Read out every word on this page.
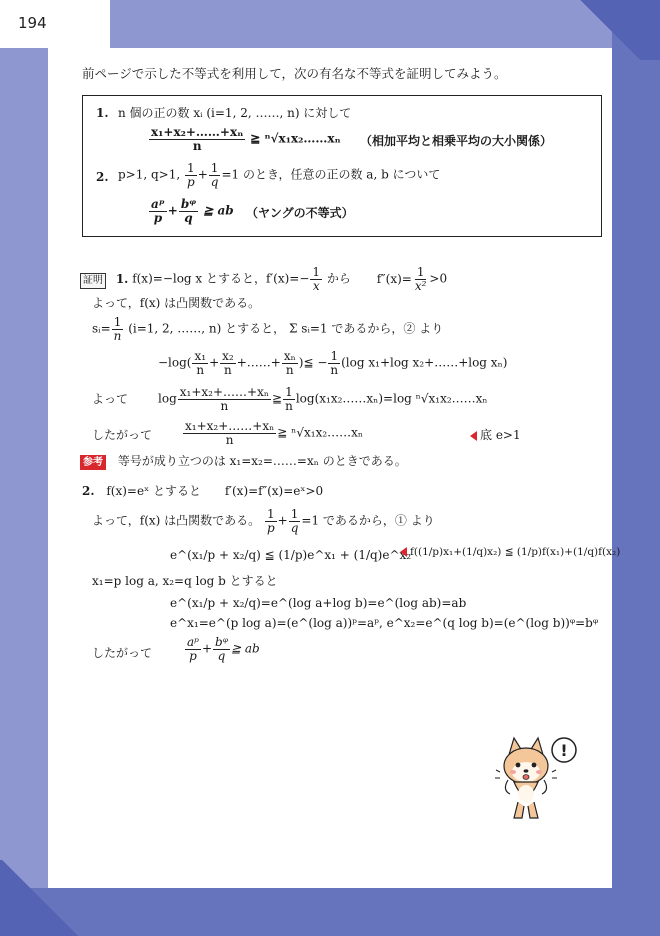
194
前ページで示した不等式を利用して，次の有名な不等式を証明してみよう。
1. n 個の正の数 xᵢ (i=1, 2, ……, n) に対して
$\frac{\text{x₁+x₂+……+xₙ}}{n}$ ≧ ⁿ√x₁x₂……xₙ （相加平均と相乗平均の大小関係）
2. p>1, q>1, $\frac{1}{p} + \frac{1}{q} =1$ のとき，任意の正の数 a, b について
$\frac{\text{aᵖ}}{p} + \frac{\text{bᵠ}}{q}$ ≧ ab （ヤングの不等式）
証明 1. f(x)=−log x とすると，$f'(x)=- \frac{1}{x}$ から $f''(x)= \frac{1}{\text{x²}} >0$
よって，f(x) は凸関数である。
sᵢ= $\frac{1}{n} (i=1$, 2, ……, n) とすると， Σ sᵢ=1 であるから，② より
$-\log( \frac{\text{x₁}}{n} + \frac{\text{x₂}}{n}$ +……+ $\frac{\text{xₙ}}{n}$ )≦ − $\frac{1}{n} (\log$ x₁+log x₂+……+log xₙ)
よって $\log \frac{\text{x₁+x₂+……+xₙ}}{n}$ ≧ $\frac{1}{n}$ log(x₁x₂……xₙ)=log ⁿ√x₁x₂……xₙ
したがって	$\frac{\text{x₁+x₂+……+xₙ}}{n}$ ≧ ⁿ√x₁x₂……xₙ	底 e>1
参考 等号が成り立つのは x₁=x₂=……=xₙ のときである。
2. f(x)=eˣ とすると f′(x)=f″(x)=eˣ>0
よって，f(x) は凸関数である。 $\frac{1}{p} + \frac{1}{q} =1$ であるから，① より
e^(x₁/p + x₂/q) ≦ (1/p)e^x₁ + (1/q)e^x₂
f((1/p)x₁+(1/q)x₂) ≦ (1/p)f(x₁)+(1/q)f(x₂)
x₁=p log a, x₂=q log b とすると
e^(x₁/p + x₂/q)=e^(log a+log b)=e^(log ab)=ab
e^x₁=e^(p log a)=(e^(log a))ᵖ=aᵖ, e^x₂=e^(q log b)=(e^(log b))ᵠ=bᵠ
したがって	$\frac{\text{aᵖ}}{p} + \frac{\text{bᵠ}}{q}$ ≧ ab
!
